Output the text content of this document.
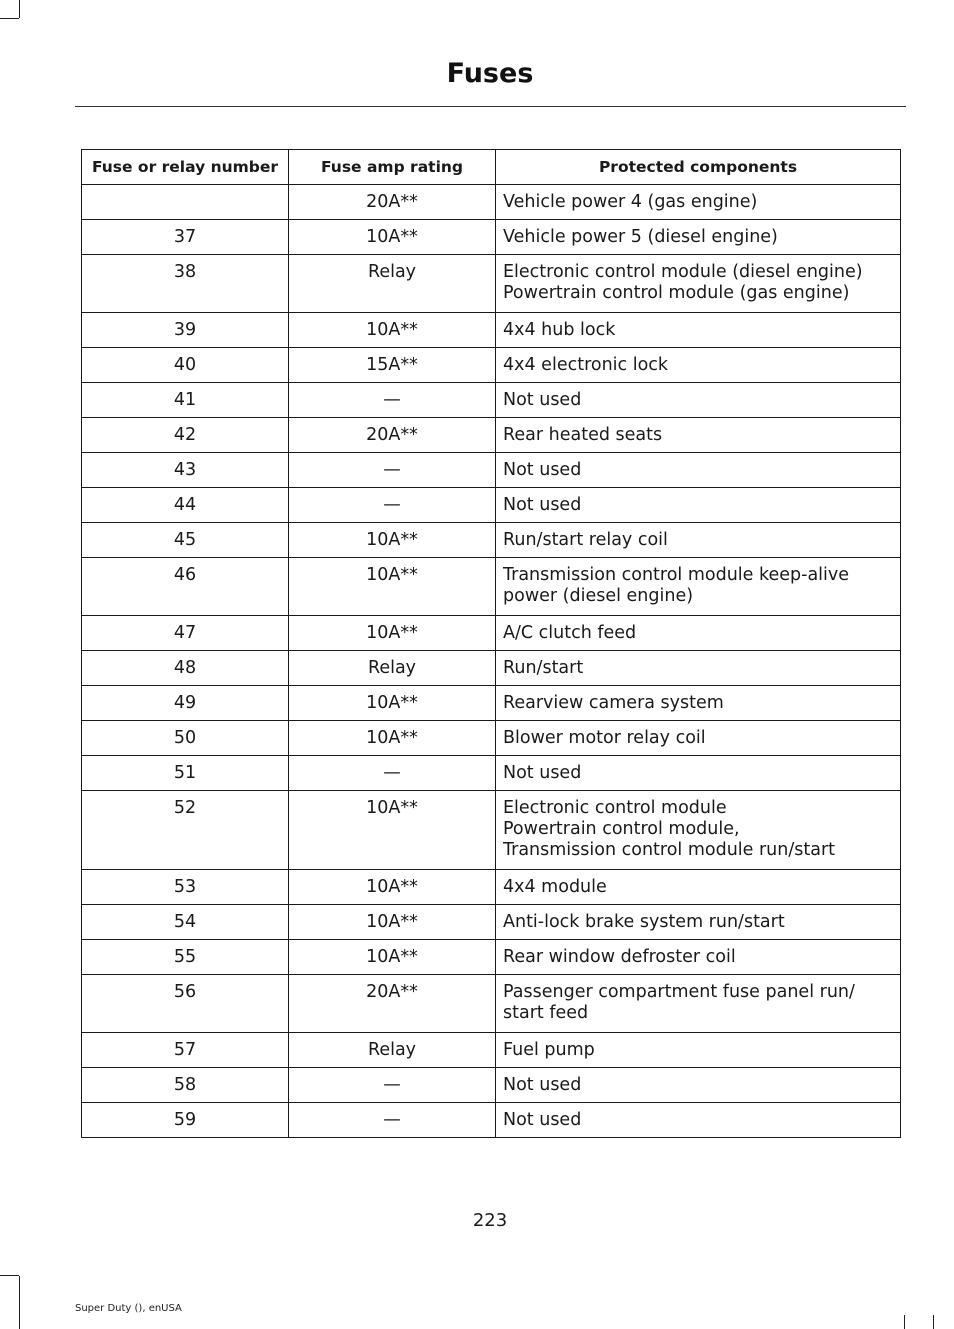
Fuses
Fuse or relay number	Fuse amp rating	Protected components
	20A**	Vehicle power 4 (gas engine)

37	10A**	Vehicle power 5 (diesel engine)

38	Relay	Electronic control module (diesel engine)
Powertrain control module (gas engine)

39	10A**	4x4 hub lock

40	15A**	4x4 electronic lock

41	—	Not used

42	20A**	Rear heated seats

43	—	Not used

44	—	Not used

45	10A**	Run/start relay coil

46	10A**	Transmission control module keep-alive
power (diesel engine)

47	10A**	A/C clutch feed

48	Relay	Run/start

49	10A**	Rearview camera system

50	10A**	Blower motor relay coil

51	—	Not used

52	10A**	Electronic control module
Powertrain control module,
Transmission control module run/start

53	10A**	4x4 module

54	10A**	Anti-lock brake system run/start

55	10A**	Rear window defroster coil

56	20A**	Passenger compartment fuse panel run/
start feed

57	Relay	Fuel pump

58	—	Not used

59	—	Not used
223
Super Duty (), enUSA
